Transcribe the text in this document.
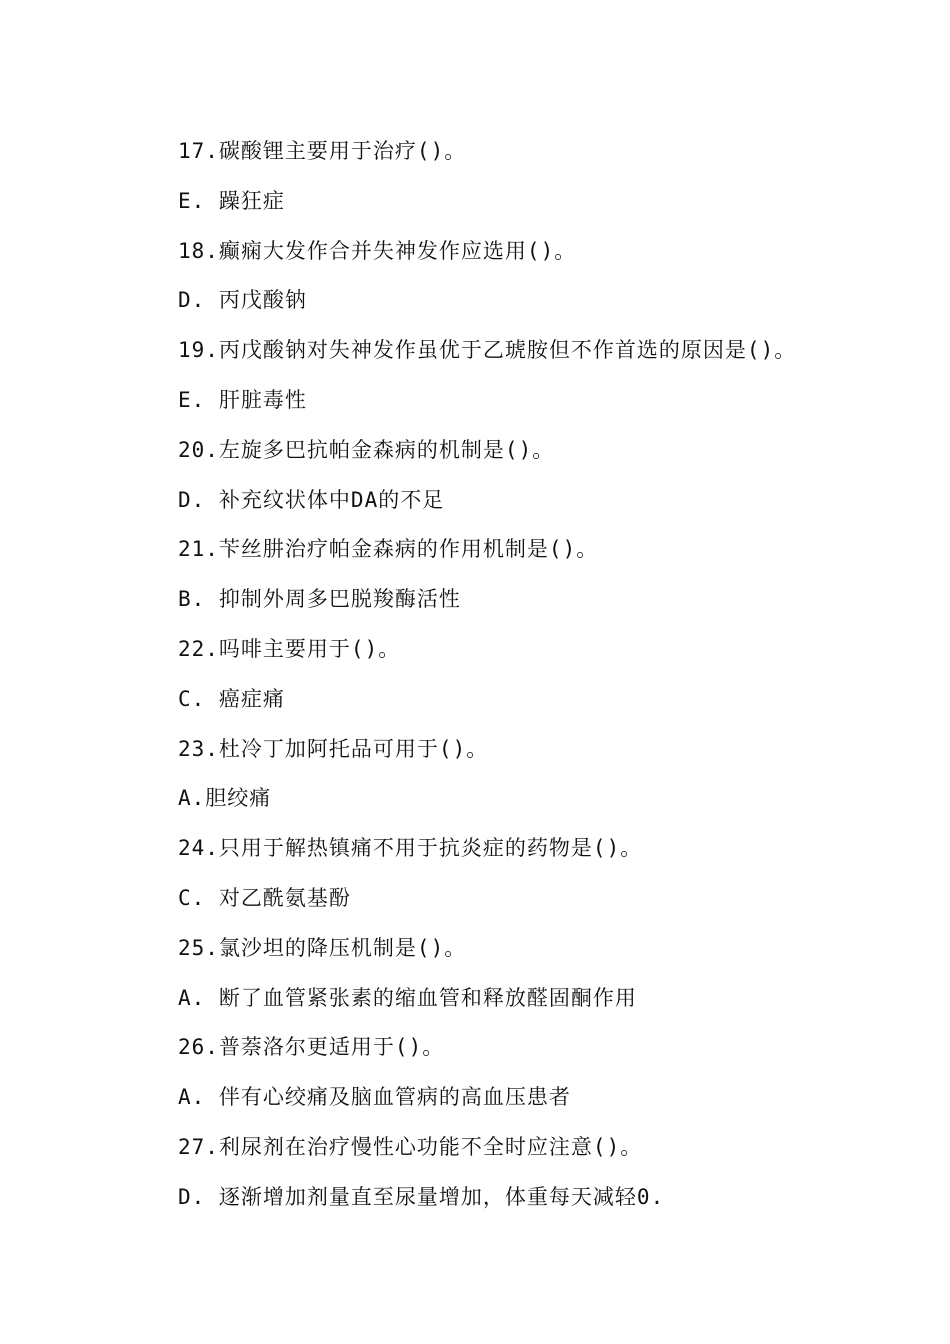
17.碳酸锂主要用于治疗()。
E. 躁狂症
18.癫痫大发作合并失神发作应选用()。
D. 丙戊酸钠
19.丙戊酸钠对失神发作虽优于乙琥胺但不作首选的原因是()。
E. 肝脏毒性
20.左旋多巴抗帕金森病的机制是()。
D. 补充纹状体中DA的不足
21.苄丝肼治疗帕金森病的作用机制是()。
B. 抑制外周多巴脱羧酶活性
22.吗啡主要用于()。
C. 癌症痛
23.杜冷丁加阿托品可用于()。
A.胆绞痛
24.只用于解热镇痛不用于抗炎症的药物是()。
C. 对乙酰氨基酚
25.氯沙坦的降压机制是()。
A. 断了血管紧张素的缩血管和释放醛固酮作用
26.普萘洛尔更适用于()。
A. 伴有心绞痛及脑血管病的高血压患者
27.利尿剂在治疗慢性心功能不全时应注意()。
D. 逐渐增加剂量直至尿量增加，体重每天减轻0.
